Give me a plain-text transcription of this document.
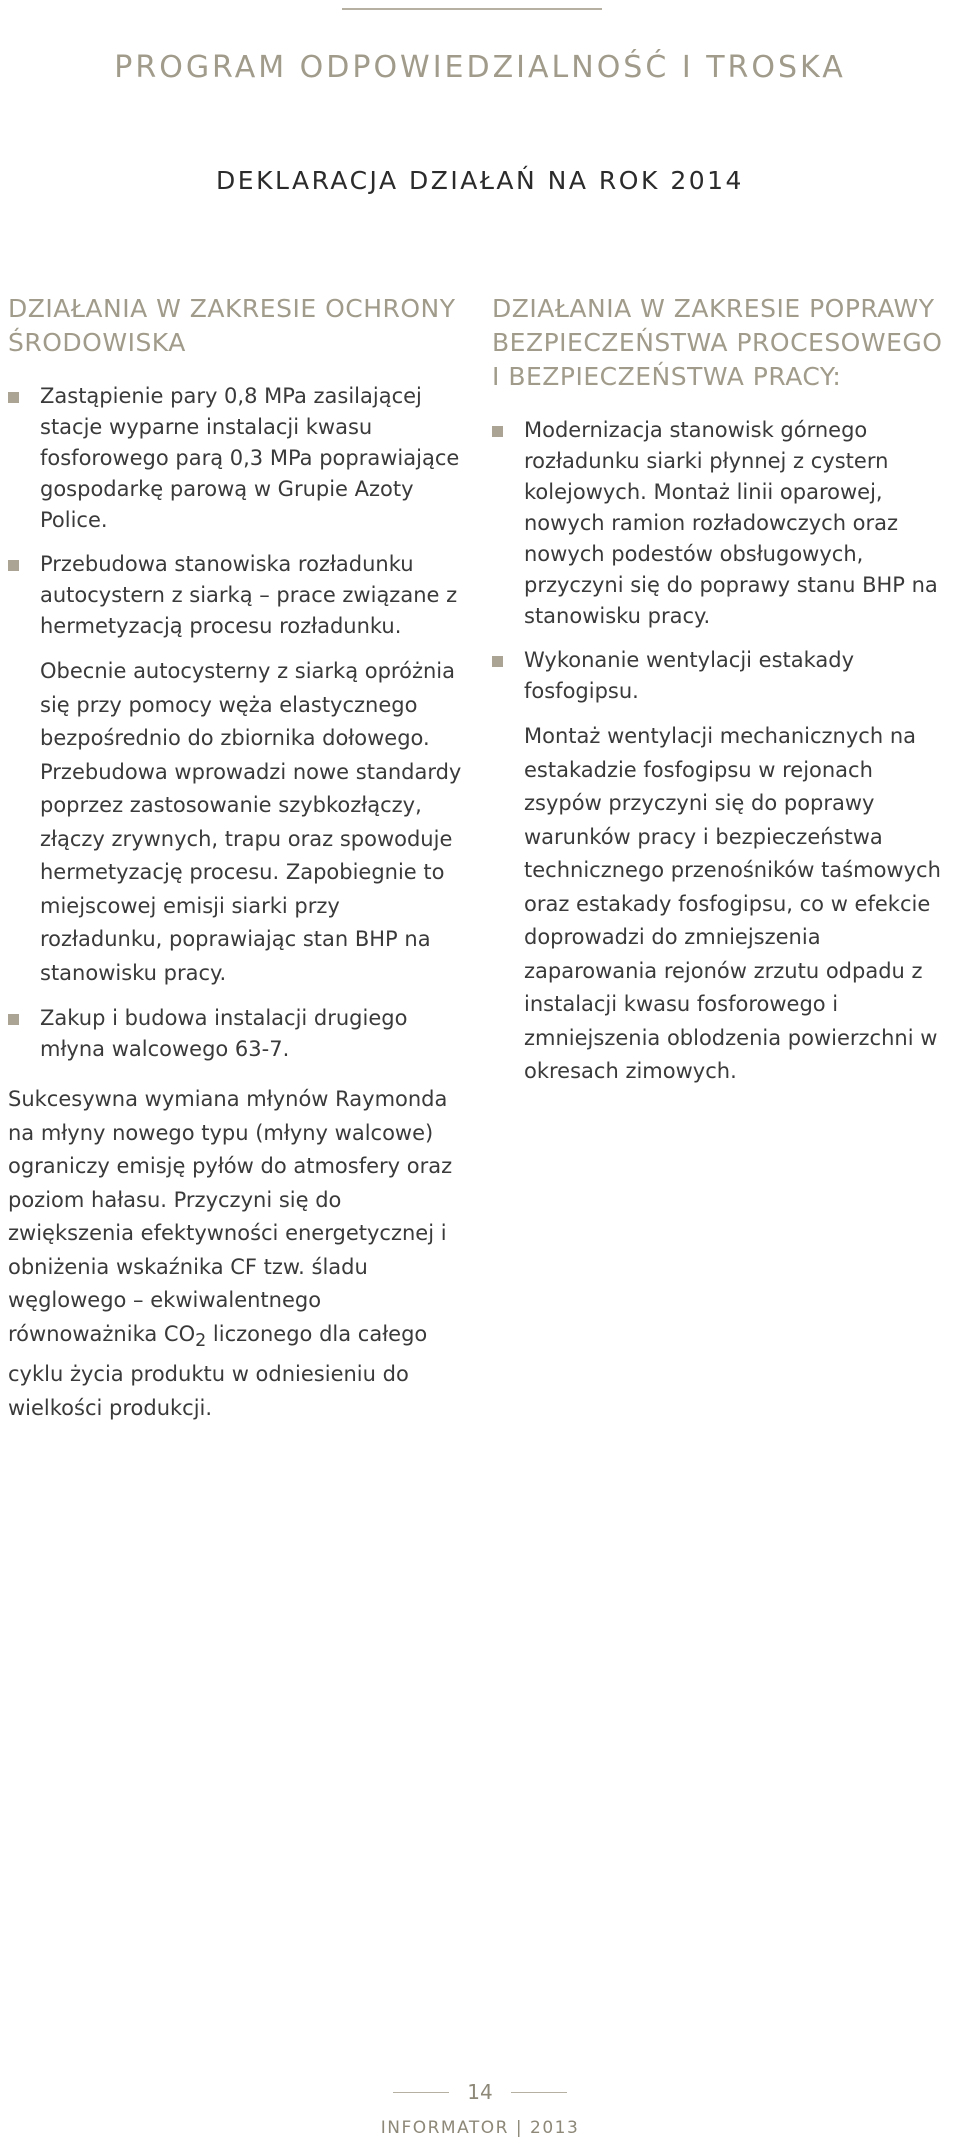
PROGRAM ODPOWIEDZIALNOŚĆ I TROSKA
DEKLARACJA DZIAŁAŃ NA ROK 2014
DZIAŁANIA W ZAKRESIE OCHRONY ŚRODOWISKA
Zastąpienie pary 0,8 MPa zasilającej stacje wyparne instalacji kwasu fosforowego parą 0,3 MPa poprawiające gospodarkę parową w Grupie Azoty Police.
Przebudowa stanowiska rozładunku autocystern z siarką – prace związane z hermetyzacją procesu rozładunku.

Obecnie autocysterny z siarką opróżnia się przy pomocy węża elastycznego bezpośrednio do zbiornika dołowego. Przebudowa wprowadzi nowe standardy poprzez zastosowanie szybkozłączy, złączy zrywnych, trapu oraz spowoduje hermetyzację procesu. Zapobiegnie to miejscowej emisji siarki przy rozładunku, poprawiając stan BHP na stanowisku pracy.

Zakup i budowa instalacji drugiego młyna walcowego 63-7.

Sukcesywna wymiana młynów Raymonda na młyny nowego typu (młyny walcowe) ograniczy emisję pyłów do atmosfery oraz poziom hałasu. Przyczyni się do zwiększenia efektywności energetycznej i obniżenia wskaźnika CF tzw. śladu węglowego – ekwiwalentnego równoważnika $CO_2$ liczonego dla całego cyklu życia produktu w odniesieniu do wielkości produkcji.

DZIAŁANIA W ZAKRESIE POPRAWY BEZPIECZEŃSTWA PROCESOWEGO I BEZPIECZEŃSTWA PRACY:
Modernizacja stanowisk górnego rozładunku siarki płynnej z cystern kolejowych. Montaż linii oparowej, nowych ramion rozładowczych oraz nowych podestów obsługowych, przyczyni się do poprawy stanu BHP na stanowisku pracy.
Wykonanie wentylacji estakady fosfogipsu.

Montaż wentylacji mechanicznych na estakadzie fosfogipsu w rejonach zsypów przyczyni się do poprawy warunków pracy i bezpieczeństwa technicznego przenośników taśmowych oraz estakady fosfogipsu, co w efekcie doprowadzi do zmniejszenia zaparowania rejonów zrzutu odpadu z instalacji kwasu fosforowego i zmniejszenia oblodzenia powierzchni w okresach zimowych.

14
INFORMATOR | 2013
